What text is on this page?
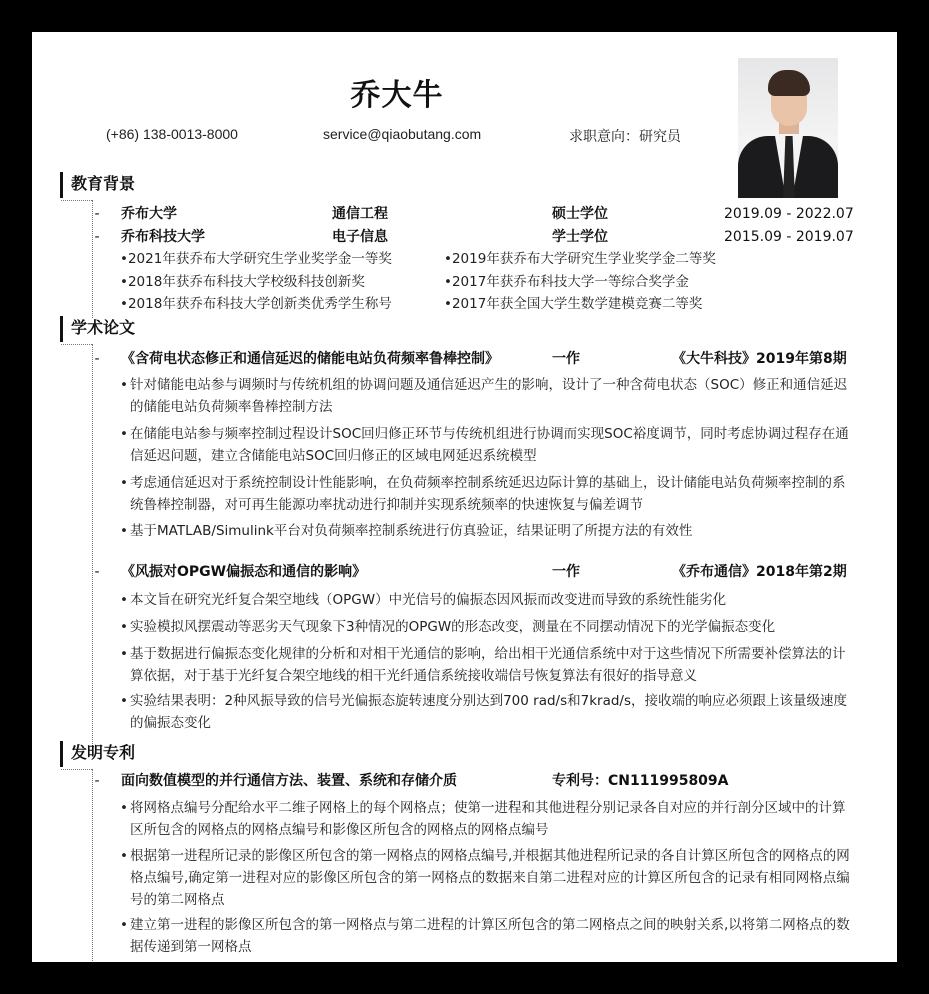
乔大牛
(+86) 138-0013-8000	service@qiaobutang.com	求职意向：研究员
教育背景
- 乔布大学	通信工程	硕士学位	2019.09 - 2022.07
- 乔布科技大学	电子信息	学士学位	2015.09 - 2019.07
•2021年获乔布大学研究生学业奖学金一等奖	•2019年获乔布大学研究生学业奖学金二等奖
•2018年获乔布科技大学校级科技创新奖	•2017年获乔布科技大学一等综合奖学金
•2018年获乔布科技大学创新类优秀学生称号	•2017年获全国大学生数学建模竞赛二等奖
学术论文
- 《含荷电状态修正和通信延迟的储能电站负荷频率鲁棒控制》	一作	《大牛科技》2019年第8期
• 针对储能电站参与调频时与传统机组的协调问题及通信延迟产生的影响，设计了一种含荷电状态（SOC）修正和通信延迟的储能电站负荷频率鲁棒控制方法
• 在储能电站参与频率控制过程设计SOC回归修正环节与传统机组进行协调而实现SOC裕度调节，同时考虑协调过程存在通信延迟问题，建立含储能电站SOC回归修正的区域电网延迟系统模型
• 考虑通信延迟对于系统控制设计性能影响，在负荷频率控制系统延迟边际计算的基础上，设计储能电站负荷频率控制的系统鲁棒控制器，对可再生能源功率扰动进行抑制并实现系统频率的快速恢复与偏差调节
• 基于MATLAB/Simulink平台对负荷频率控制系统进行仿真验证，结果证明了所提方法的有效性
- 《风振对OPGW偏振态和通信的影响》	一作	《乔布通信》2018年第2期
• 本文旨在研究光纤复合架空地线（OPGW）中光信号的偏振态因风振而改变进而导致的系统性能劣化
• 实验模拟风摆震动等恶劣天气现象下3种情况的OPGW的形态改变，测量在不同摆动情况下的光学偏振态变化
• 基于数据进行偏振态变化规律的分析和对相干光通信的影响，给出相干光通信系统中对于这些情况下所需要补偿算法的计算依据，对于基于光纤复合架空地线的相干光纤通信系统接收端信号恢复算法有很好的指导意义
• 实验结果表明：2种风振导致的信号光偏振态旋转速度分别达到700 rad/s和7krad/s，接收端的响应必须跟上该量级速度的偏振态变化
发明专利
- 面向数值模型的并行通信方法、装置、系统和存储介质	专利号：CN111995809A
• 将网格点编号分配给水平二维子网格上的每个网格点；使第一进程和其他进程分别记录各自对应的并行剖分区域中的计算区所包含的网格点的网格点编号和影像区所包含的网格点的网格点编号
• 根据第一进程所记录的影像区所包含的第一网格点的网格点编号,并根据其他进程所记录的各自计算区所包含的网格点的网格点编号,确定第一进程对应的影像区所包含的第一网格点的数据来自第二进程对应的计算区所包含的记录有相同网格点编号的第二网格点
• 建立第一进程的影像区所包含的第一网格点与第二进程的计算区所包含的第二网格点之间的映射关系,以将第二网格点的数据传递到第一网格点
